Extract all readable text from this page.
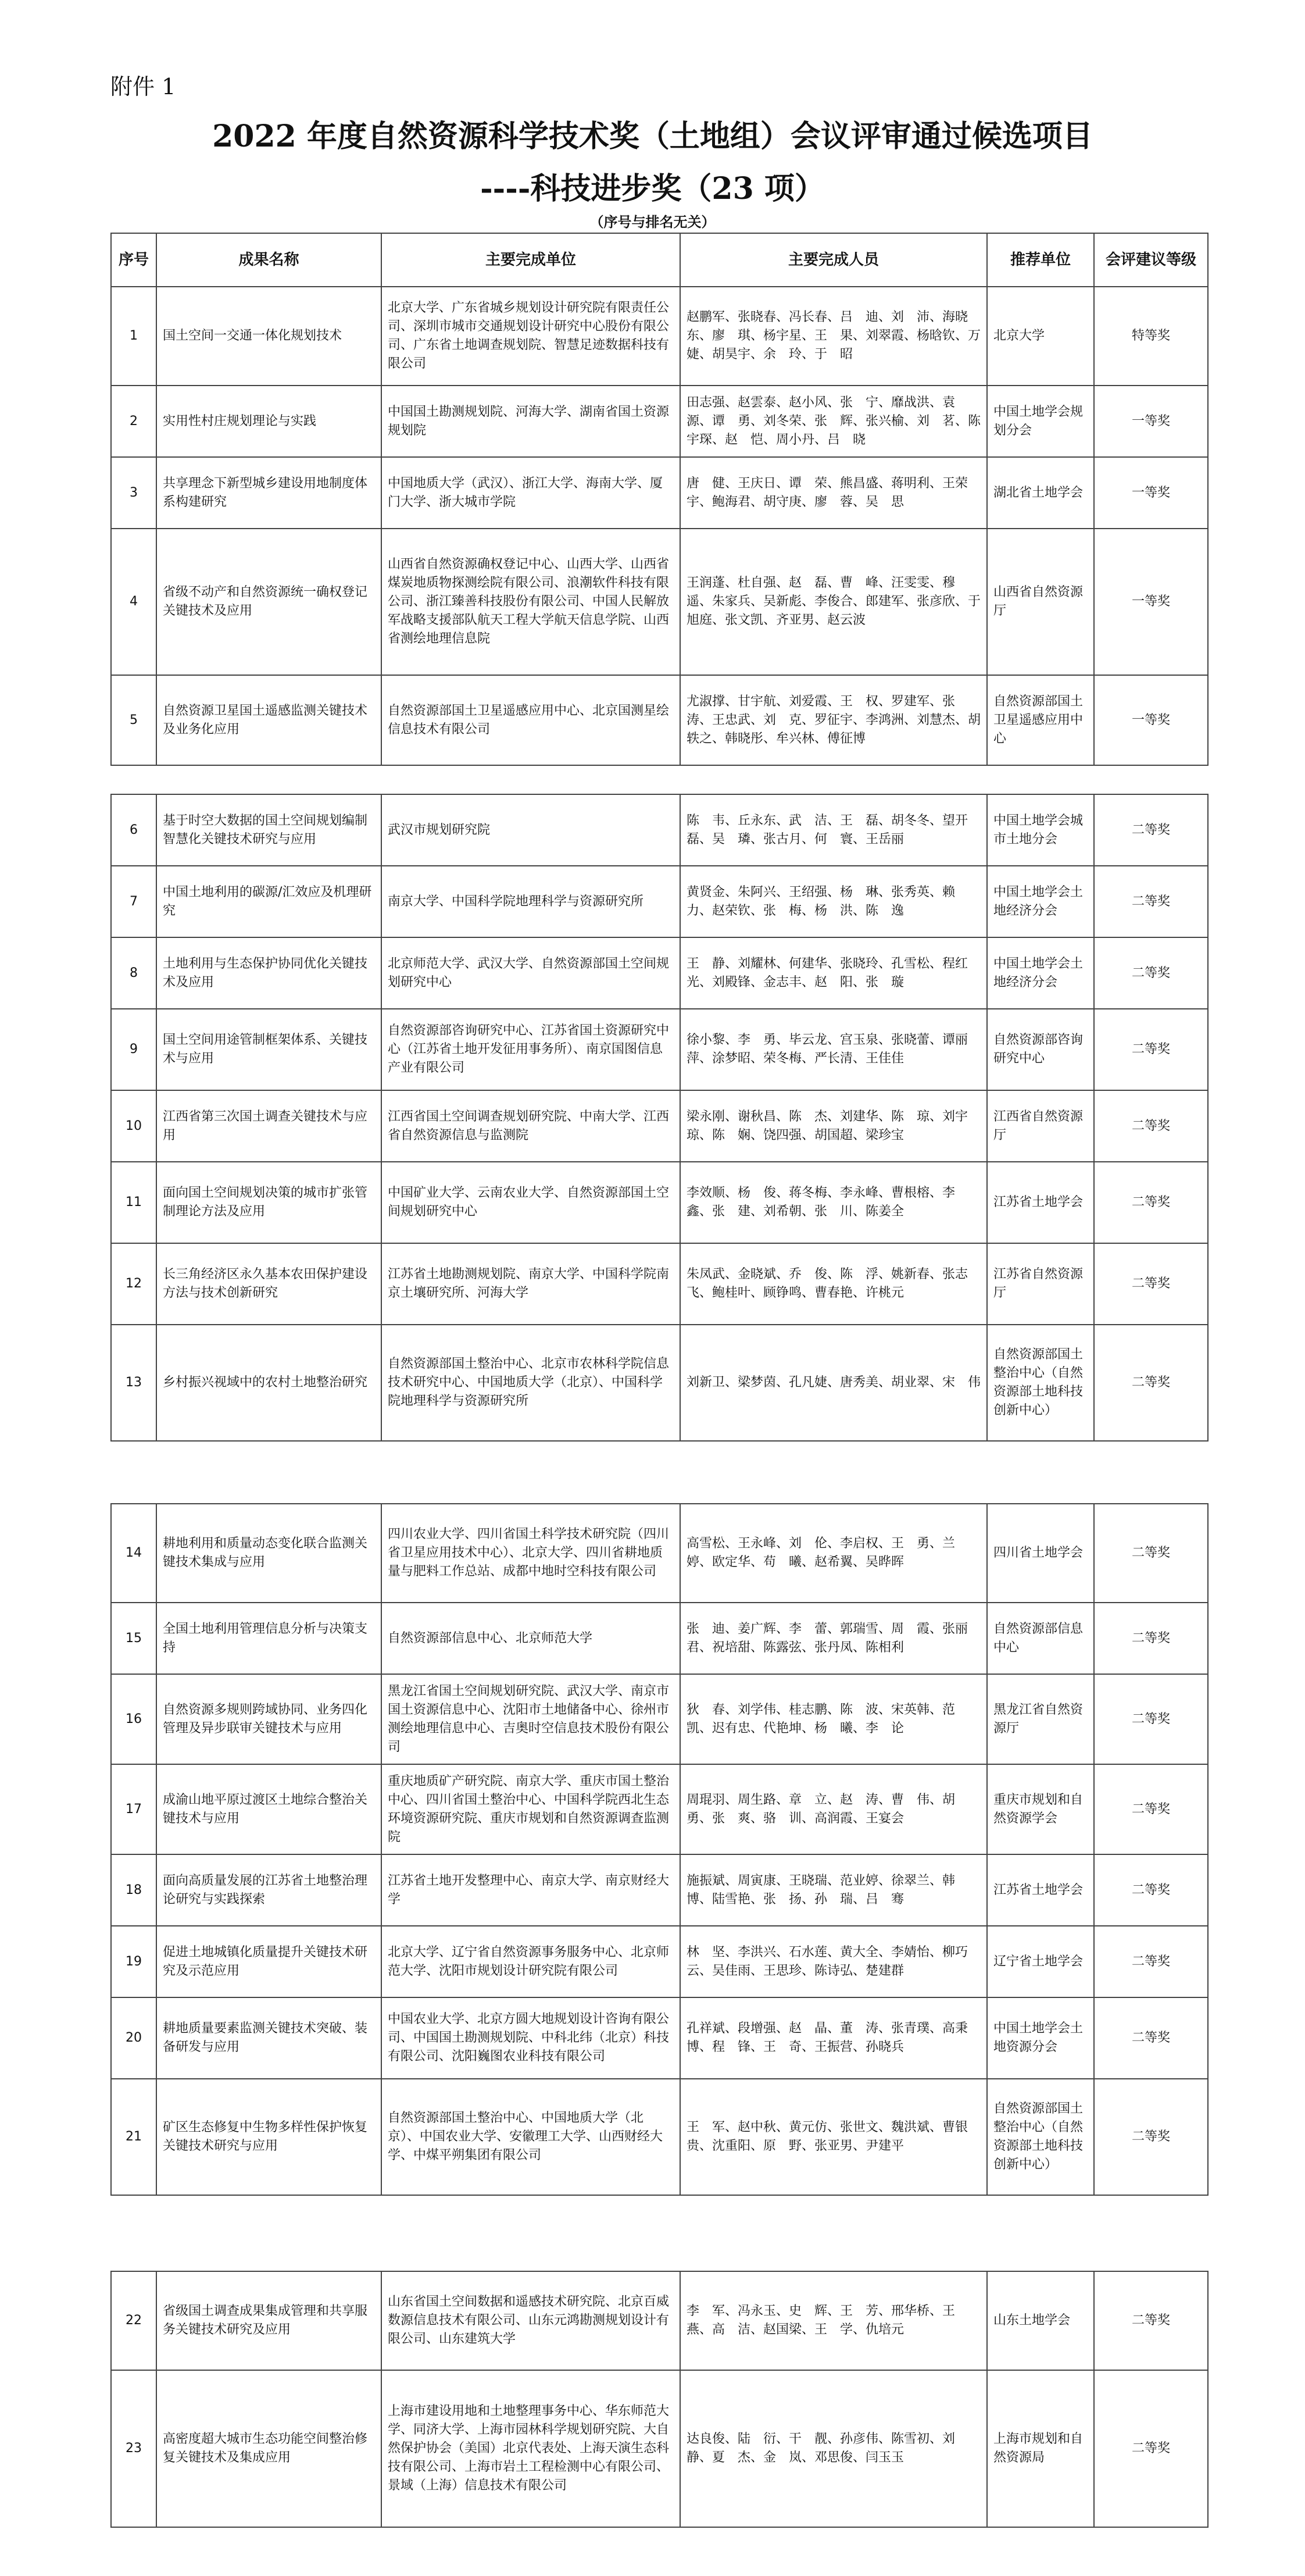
附件 1
2022 年度自然资源科学技术奖（土地组）会议评审通过候选项目
----科技进步奖（23 项）
（序号与排名无关）
序号	成果名称	主要完成单位	主要完成人员	推荐单位	会评建议等级
1	国土空间一交通一体化规划技术	北京大学、广东省城乡规划设计研究院有限责任公司、深圳市城市交通规划设计研究中心股份有限公司、广东省土地调查规划院、智慧足迹数据科技有限公司	赵鹏军、张晓春、冯长春、吕　迪、刘　沛、海晓东、廖　琪、杨宇星、王　果、刘翠霞、杨晗钦、万　婕、胡昊宇、余　玲、于　昭	北京大学	特等奖
2	实用性村庄规划理论与实践	中国国土勘测规划院、河海大学、湖南省国土资源规划院	田志强、赵雲泰、赵小风、张　宁、靡战洪、袁　源、谭　勇、刘冬荣、张　辉、张兴榆、刘　茗、陈宇琛、赵　恺、周小丹、吕　晓	中国土地学会规划分会	一等奖
3	共享理念下新型城乡建设用地制度体系构建研究	中国地质大学（武汉）、浙江大学、海南大学、厦门大学、浙大城市学院	唐　健、王庆日、谭　荣、熊昌盛、蒋明利、王荣宇、鲍海君、胡守庚、廖　蓉、吴　思	湖北省土地学会	一等奖
4	省级不动产和自然资源统一确权登记关键技术及应用	山西省自然资源确权登记中心、山西大学、山西省煤炭地质物探测绘院有限公司、浪潮软件科技有限公司、浙江臻善科技股份有限公司、中国人民解放军战略支援部队航天工程大学航天信息学院、山西省测绘地理信息院	王润蓬、杜自强、赵　磊、曹　峰、汪雯雯、穆　遥、朱家兵、吴新彪、李俊合、郎建军、张彦欣、于旭庭、张文凯、齐亚男、赵云波	山西省自然资源厅	一等奖
5	自然资源卫星国土遥感监测关键技术及业务化应用	自然资源部国土卫星遥感应用中心、北京国测星绘信息技术有限公司	尤淑撑、甘宇航、刘爱霞、王　权、罗建军、张　涛、王忠武、刘　克、罗征宇、李鸿洲、刘慧杰、胡轶之、韩晓彤、牟兴林、傅征博	自然资源部国土卫星遥感应用中心	一等奖
6	基于时空大数据的国土空间规划编制智慧化关键技术研究与应用	武汉市规划研究院	陈　韦、丘永东、武　洁、王　磊、胡冬冬、望开磊、吴　璘、张古月、何　寰、王岳丽	中国土地学会城市土地分会	二等奖
7	中国土地利用的碳源/汇效应及机理研究	南京大学、中国科学院地理科学与资源研究所	黄贤金、朱阿兴、王绍强、杨　琳、张秀英、赖　力、赵荣钦、张　梅、杨　洪、陈　逸	中国土地学会土地经济分会	二等奖
8	土地利用与生态保护协同优化关键技术及应用	北京师范大学、武汉大学、自然资源部国土空间规划研究中心	王　静、刘耀林、何建华、张晓玲、孔雪松、程红光、刘殿锋、金志丰、赵　阳、张　璇	中国土地学会土地经济分会	二等奖
9	国土空间用途管制框架体系、关键技术与应用	自然资源部咨询研究中心、江苏省国土资源研究中心（江苏省土地开发征用事务所）、南京国图信息产业有限公司	徐小黎、李　勇、毕云龙、宫玉泉、张晓蕾、谭丽萍、涂梦昭、荣冬梅、严长清、王佳佳	自然资源部咨询研究中心	二等奖
10	江西省第三次国土调查关键技术与应用	江西省国土空间调查规划研究院、中南大学、江西省自然资源信息与监测院	梁永刚、谢秋昌、陈　杰、刘建华、陈　琼、刘宇琼、陈　娴、饶四强、胡国超、梁珍宝	江西省自然资源厅	二等奖
11	面向国土空间规划决策的城市扩张管制理论方法及应用	中国矿业大学、云南农业大学、自然资源部国土空间规划研究中心	李效顺、杨　俊、蒋冬梅、李永峰、曹根榕、李　鑫、张　建、刘希朝、张　川、陈姜全	江苏省土地学会	二等奖
12	长三角经济区永久基本农田保护建设方法与技术创新研究	江苏省土地勘测规划院、南京大学、中国科学院南京土壤研究所、河海大学	朱凤武、金晓斌、乔　俊、陈　浮、姚新春、张志飞、鲍桂叶、顾铮鸣、曹春艳、许桃元	江苏省自然资源厅	二等奖
13	乡村振兴视域中的农村土地整治研究	自然资源部国土整治中心、北京市农林科学院信息技术研究中心、中国地质大学（北京）、中国科学院地理科学与资源研究所	刘新卫、梁梦茵、孔凡婕、唐秀美、胡业翠、宋　伟	自然资源部国土整治中心（自然资源部土地科技创新中心）	二等奖
14	耕地利用和质量动态变化联合监测关键技术集成与应用	四川农业大学、四川省国土科学技术研究院（四川省卫星应用技术中心）、北京大学、四川省耕地质量与肥料工作总站、成都中地时空科技有限公司	高雪松、王永峰、刘　伦、李启权、王　勇、兰　婷、欧定华、苟　曦、赵希翼、吴晔晖	四川省土地学会	二等奖
15	全国土地利用管理信息分析与决策支持	自然资源部信息中心、北京师范大学	张　迪、姜广辉、李　蕾、郭瑞雪、周　霞、张丽君、祝培甜、陈露弦、张丹凤、陈相利	自然资源部信息中心	二等奖
16	自然资源多规则跨域协同、业务四化管理及异步联审关键技术与应用	黑龙江省国土空间规划研究院、武汉大学、南京市国土资源信息中心、沈阳市土地储备中心、徐州市测绘地理信息中心、吉奥时空信息技术股份有限公司	狄　春、刘学伟、桂志鹏、陈　波、宋英韩、范　凯、迟有忠、代艳坤、杨　曦、李　论	黑龙江省自然资源厅	二等奖
17	成渝山地平原过渡区土地综合整治关键技术与应用	重庆地质矿产研究院、南京大学、重庆市国土整治中心、四川省国土整治中心、中国科学院西北生态环境资源研究院、重庆市规划和自然资源调查监测院	周琨羽、周生路、章　立、赵　涛、曹　伟、胡　勇、张　爽、骆　训、高润霞、王宴会	重庆市规划和自然资源学会	二等奖
18	面向高质量发展的江苏省土地整治理论研究与实践探索	江苏省土地开发整理中心、南京大学、南京财经大学	施振斌、周寅康、王晓瑞、范业婷、徐翠兰、韩　博、陆雪艳、张　扬、孙　瑞、吕　骞	江苏省土地学会	二等奖
19	促进土地城镇化质量提升关键技术研究及示范应用	北京大学、辽宁省自然资源事务服务中心、北京师范大学、沈阳市规划设计研究院有限公司	林　坚、李洪兴、石水莲、黄大全、李婧怡、柳巧云、吴佳雨、王思珍、陈诗弘、楚建群	辽宁省土地学会	二等奖
20	耕地质量要素监测关键技术突破、装备研发与应用	中国农业大学、北京方圆大地规划设计咨询有限公司、中国国土勘测规划院、中科北纬（北京）科技有限公司、沈阳巍图农业科技有限公司	孔祥斌、段增强、赵　晶、董　涛、张青璞、高秉博、程　锋、王　奇、王振营、孙晓兵	中国土地学会土地资源分会	二等奖
21	矿区生态修复中生物多样性保护恢复关键技术研究与应用	自然资源部国土整治中心、中国地质大学（北京）、中国农业大学、安徽理工大学、山西财经大学、中煤平朔集团有限公司	王　军、赵中秋、黄元仿、张世文、魏洪斌、曹银贵、沈重阳、原　野、张亚男、尹建平	自然资源部国土整治中心（自然资源部土地科技创新中心）	二等奖
22	省级国土调查成果集成管理和共享服务关键技术研究及应用	山东省国土空间数据和遥感技术研究院、北京百威数源信息技术有限公司、山东元鸿勘测规划设计有限公司、山东建筑大学	李　军、冯永玉、史　辉、王　芳、邢华桥、王　燕、高　洁、赵国梁、王　学、仇培元	山东土地学会	二等奖
23	高密度超大城市生态功能空间整治修复关键技术及集成应用	上海市建设用地和土地整理事务中心、华东师范大学、同济大学、上海市园林科学规划研究院、大自然保护协会（美国）北京代表处、上海天演生态科技有限公司、上海市岩土工程检测中心有限公司、景域（上海）信息技术有限公司	达良俊、陆　衍、干　靓、孙彦伟、陈雪初、刘　静、夏　杰、金　岚、邓思俊、闫玉玉	上海市规划和自然资源局	二等奖
